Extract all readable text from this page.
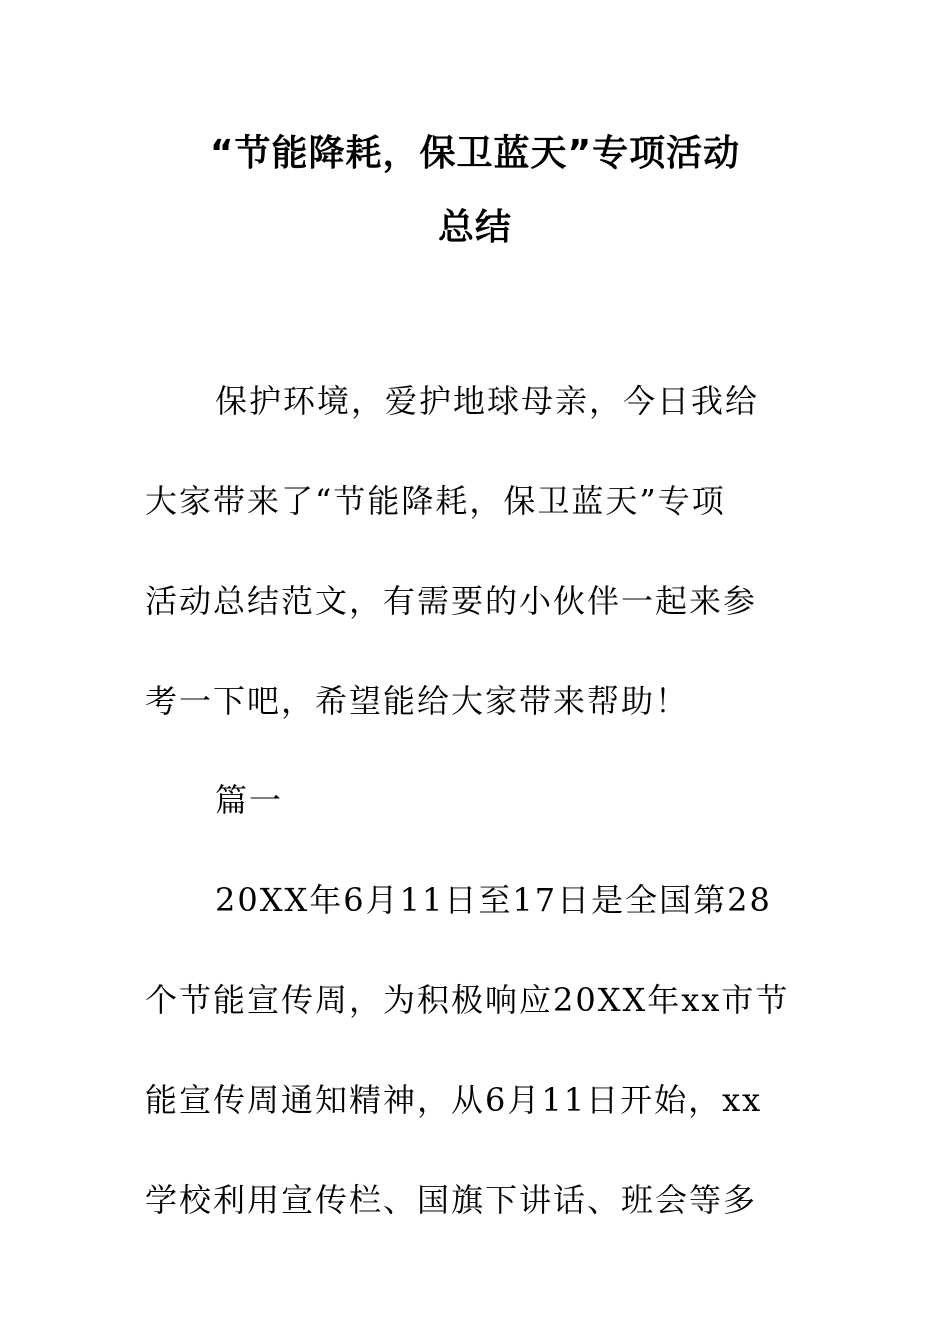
“节能降耗，保卫蓝天”专项活动
总结
保护环境，爱护地球母亲，今日我给
大家带来了“节能降耗，保卫蓝天”专项
活动总结范文，有需要的小伙伴一起来参
考一下吧，希望能给大家带来帮助！
篇一
20XX年6月11日至17日是全国第28
个节能宣传周，为积极响应20XX年xx市节
能宣传周通知精神，从6月11日开始，xx
学校利用宣传栏、国旗下讲话、班会等多
